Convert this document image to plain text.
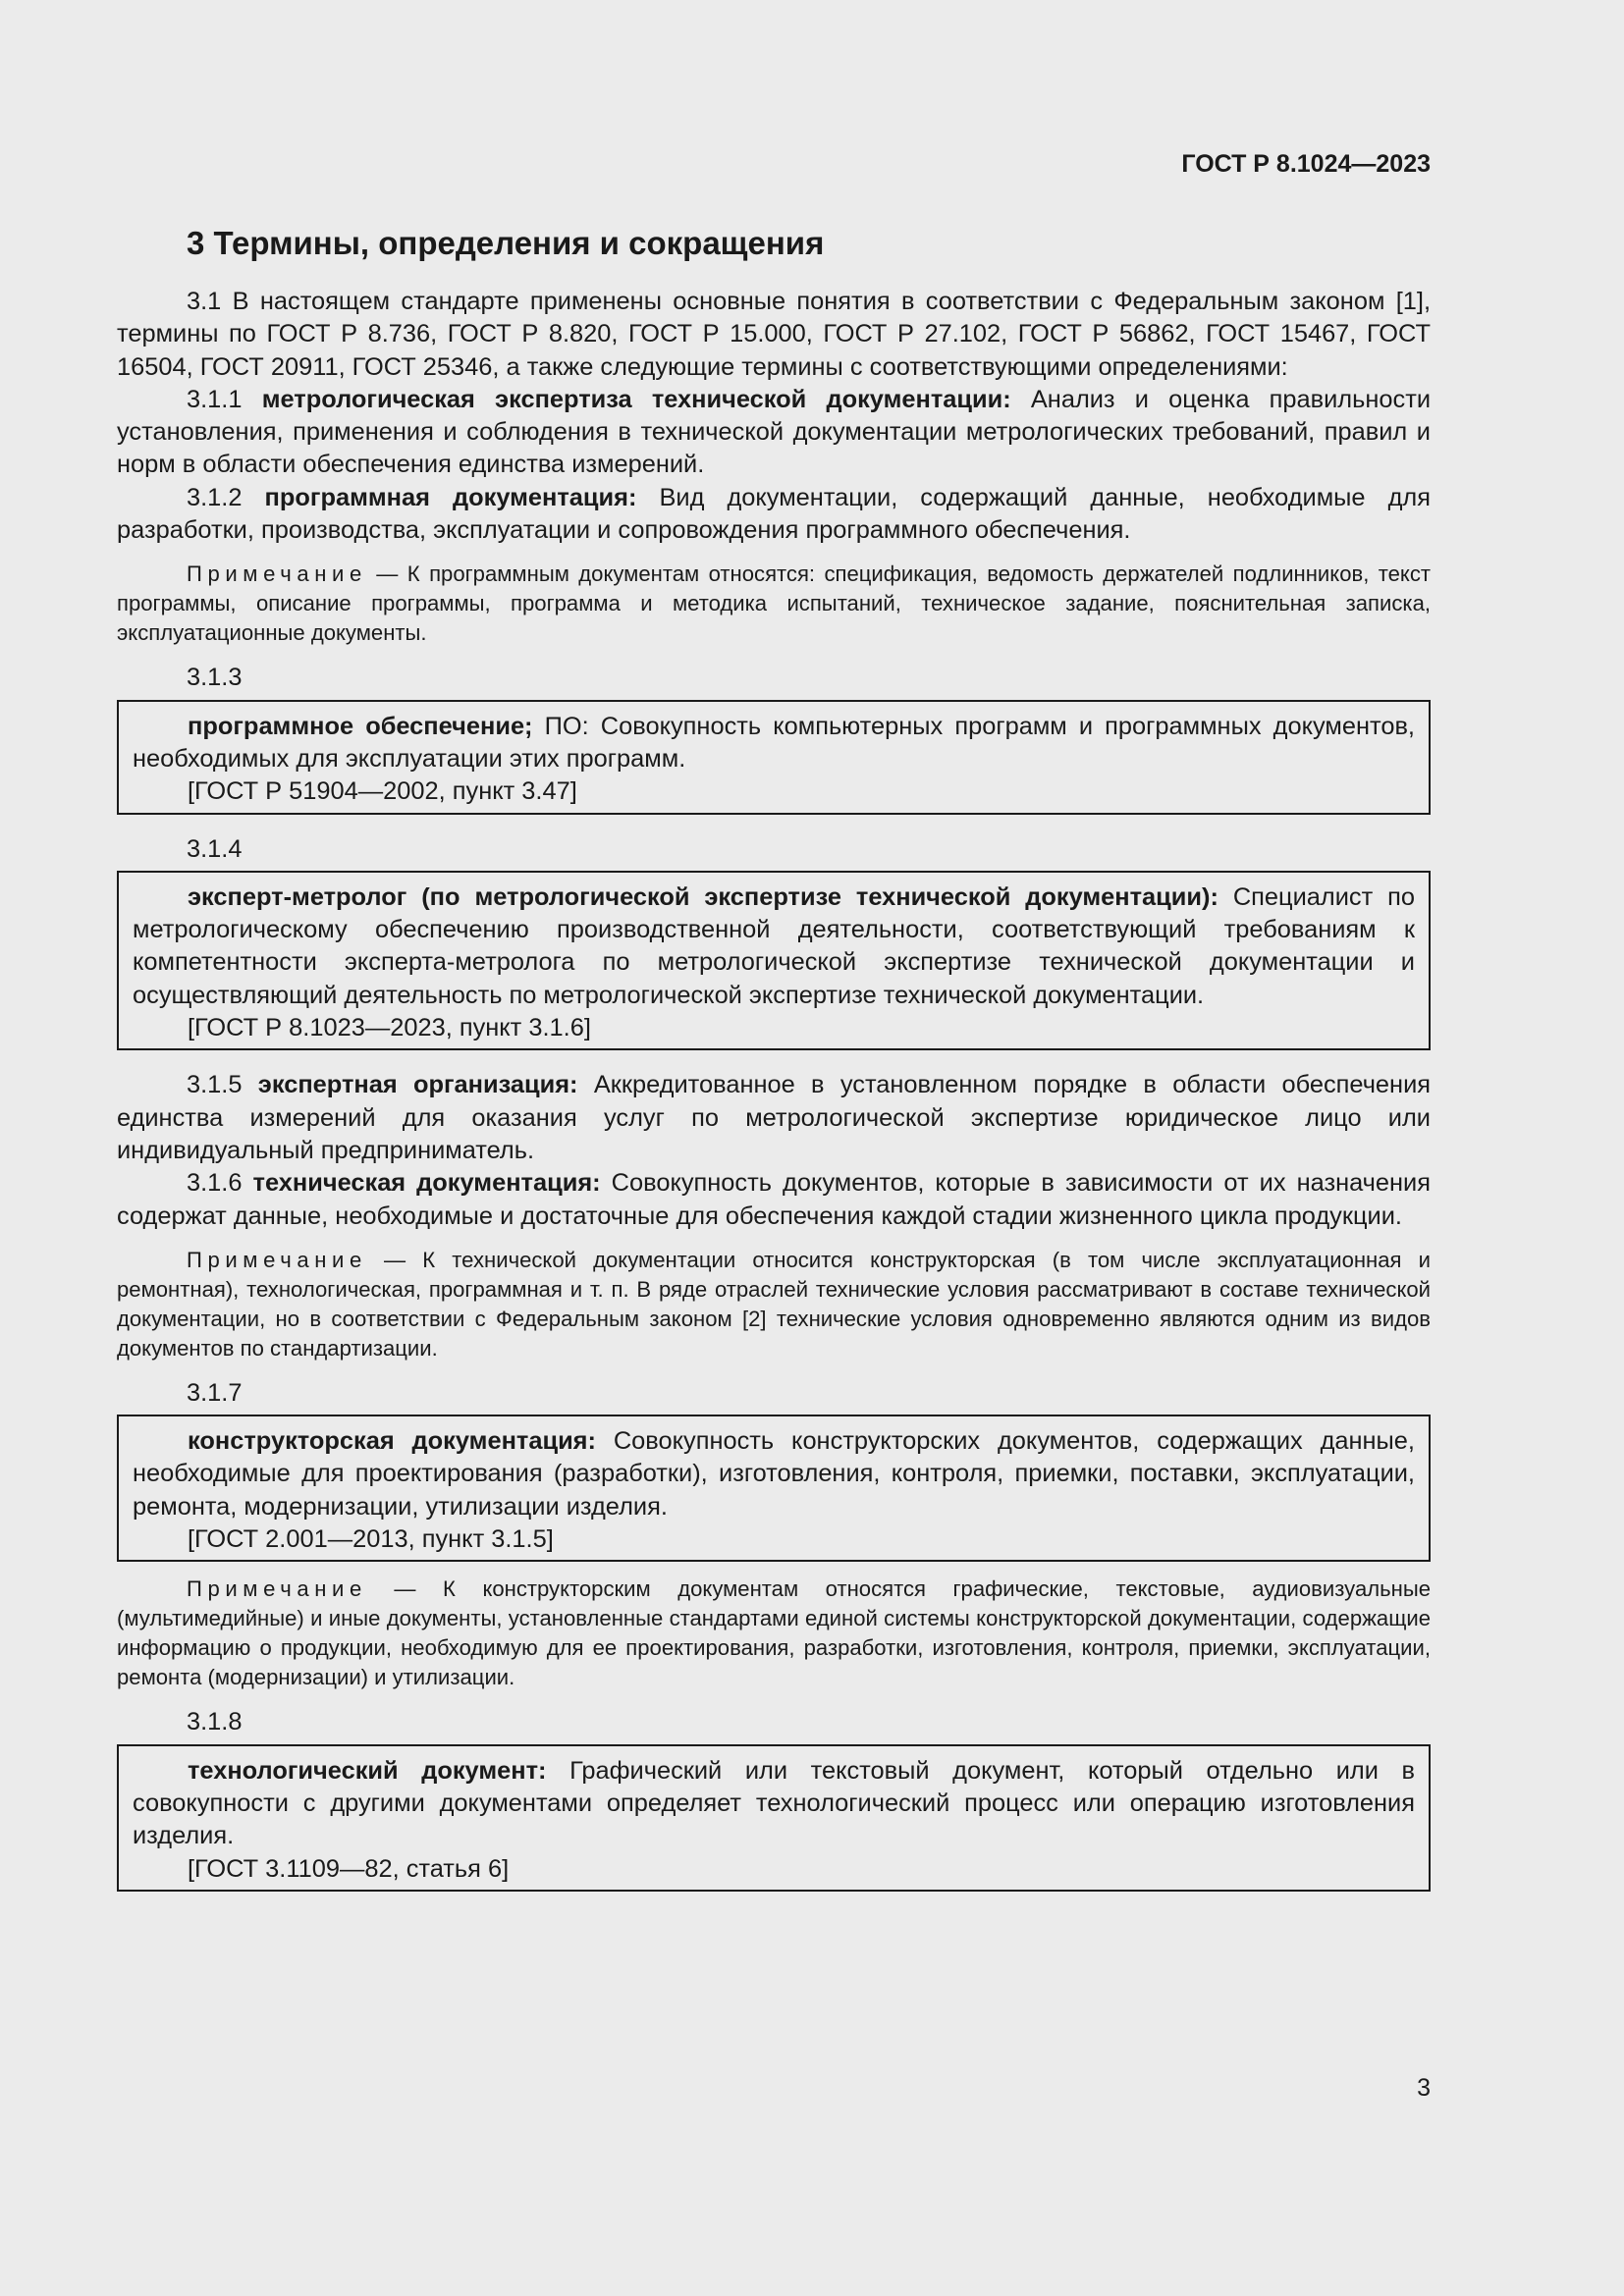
ГОСТ Р 8.1024—2023
3 Термины, определения и сокращения

3.1 В настоящем стандарте применены основные понятия в соответствии с Федеральным законом [1], термины по ГОСТ Р 8.736, ГОСТ Р 8.820, ГОСТ Р 15.000, ГОСТ Р 27.102, ГОСТ Р 56862, ГОСТ 15467, ГОСТ 16504, ГОСТ 20911, ГОСТ 25346, а также следующие термины с соответствующими определениями:

3.1.1 метрологическая экспертиза технической документации: Анализ и оценка правильности установления, применения и соблюдения в технической документации метрологических требований, правил и норм в области обеспечения единства измерений.

3.1.2 программная документация: Вид документации, содержащий данные, необходимые для разработки, производства, эксплуатации и сопровождения программного обеспечения.

Примечание — К программным документам относятся: спецификация, ведомость держателей подлинников, текст программы, описание программы, программа и методика испытаний, техническое задание, пояснительная записка, эксплуатационные документы.

3.1.3

программное обеспечение; ПО: Совокупность компьютерных программ и программных документов, необходимых для эксплуатации этих программ.

[ГОСТ Р 51904—2002, пункт 3.47]

3.1.4

эксперт-метролог (по метрологической экспертизе технической документации): Специалист по метрологическому обеспечению производственной деятельности, соответствующий требованиям к компетентности эксперта-метролога по метрологической экспертизе технической документации и осуществляющий деятельность по метрологической экспертизе технической документации.

[ГОСТ Р 8.1023—2023, пункт 3.1.6]

3.1.5 экспертная организация: Аккредитованное в установленном порядке в области обеспечения единства измерений для оказания услуг по метрологической экспертизе юридическое лицо или индивидуальный предприниматель.

3.1.6 техническая документация: Совокупность документов, которые в зависимости от их назначения содержат данные, необходимые и достаточные для обеспечения каждой стадии жизненного цикла продукции.

Примечание — К технической документации относится конструкторская (в том числе эксплуатационная и ремонтная), технологическая, программная и т. п. В ряде отраслей технические условия рассматривают в составе технической документации, но в соответствии с Федеральным законом [2] технические условия одновременно являются одним из видов документов по стандартизации.

3.1.7

конструкторская документация: Совокупность конструкторских документов, содержащих данные, необходимые для проектирования (разработки), изготовления, контроля, приемки, поставки, эксплуатации, ремонта, модернизации, утилизации изделия.

[ГОСТ 2.001—2013, пункт 3.1.5]

Примечание — К конструкторским документам относятся графические, текстовые, аудиовизуальные (мультимедийные) и иные документы, установленные стандартами единой системы конструкторской документации, содержащие информацию о продукции, необходимую для ее проектирования, разработки, изготовления, контроля, приемки, эксплуатации, ремонта (модернизации) и утилизации.

3.1.8

технологический документ: Графический или текстовый документ, который отдельно или в совокупности с другими документами определяет технологический процесс или операцию изготовления изделия.

[ГОСТ 3.1109—82, статья 6]

3
